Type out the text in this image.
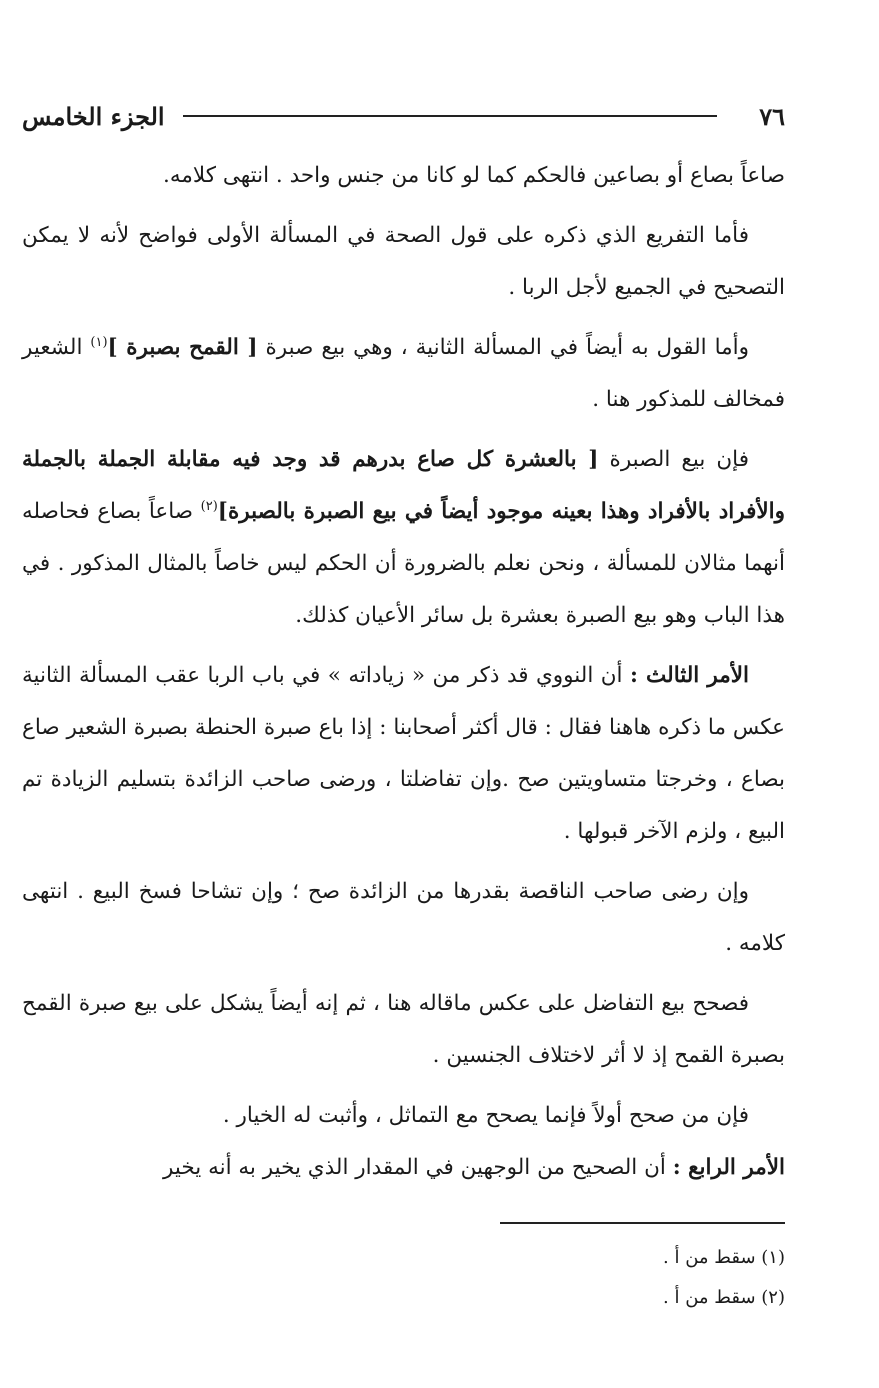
٧٦
الجزء الخامس

صاعاً بصاع أو بصاعين فالحكم كما لو كانا من جنس واحد . انتهى كلامه.

فأما التفريع الذي ذكره على قول الصحة في المسألة الأولى فواضح لأنه لا يمكن التصحيح في الجميع لأجل الربا .

وأما القول به أيضاً في المسألة الثانية ، وهي بيع صبرة [ القمح بصبرة ]$^{(١)}$ الشعير فمخالف للمذكور هنا .

فإن بيع الصبرة [ بالعشرة كل صاع بدرهم قد وجد فيه مقابلة الجملة بالجملة والأفراد بالأفراد وهذا بعينه موجود أيضاً في بيع الصبرة بالصبرة]$^{(٢)}$ صاعاً بصاع فحاصله أنهما مثالان للمسألة ، ونحن نعلم بالضرورة أن الحكم ليس خاصاً بالمثال المذكور . في هذا الباب وهو بيع الصبرة بعشرة بل سائر الأعيان كذلك.

الأمر الثالث : أن النووي قد ذكر من « زياداته » في باب الربا عقب المسألة الثانية عكس ما ذكره هاهنا فقال : قال أكثر أصحابنا : إذا باع صبرة الحنطة بصبرة الشعير صاع بصاع ، وخرجتا متساويتين صح .وإن تفاضلتا ، ورضى صاحب الزائدة بتسليم الزيادة تم البيع ، ولزم الآخر قبولها .

وإن رضى صاحب الناقصة بقدرها من الزائدة صح ؛ وإن تشاحا فسخ البيع . انتهى كلامه .

فصحح بيع التفاضل على عكس ماقاله هنا ، ثم إنه أيضاً يشكل على بيع صبرة القمح بصبرة القمح إذ لا أثر لاختلاف الجنسين .

فإن من صحح أولاً فإنما يصحح مع التماثل ، وأثبت له الخيار .

الأمر الرابع : أن الصحيح من الوجهين في المقدار الذي يخير به أنه يخير

(١) سقط من أ .

(٢) سقط من أ .
